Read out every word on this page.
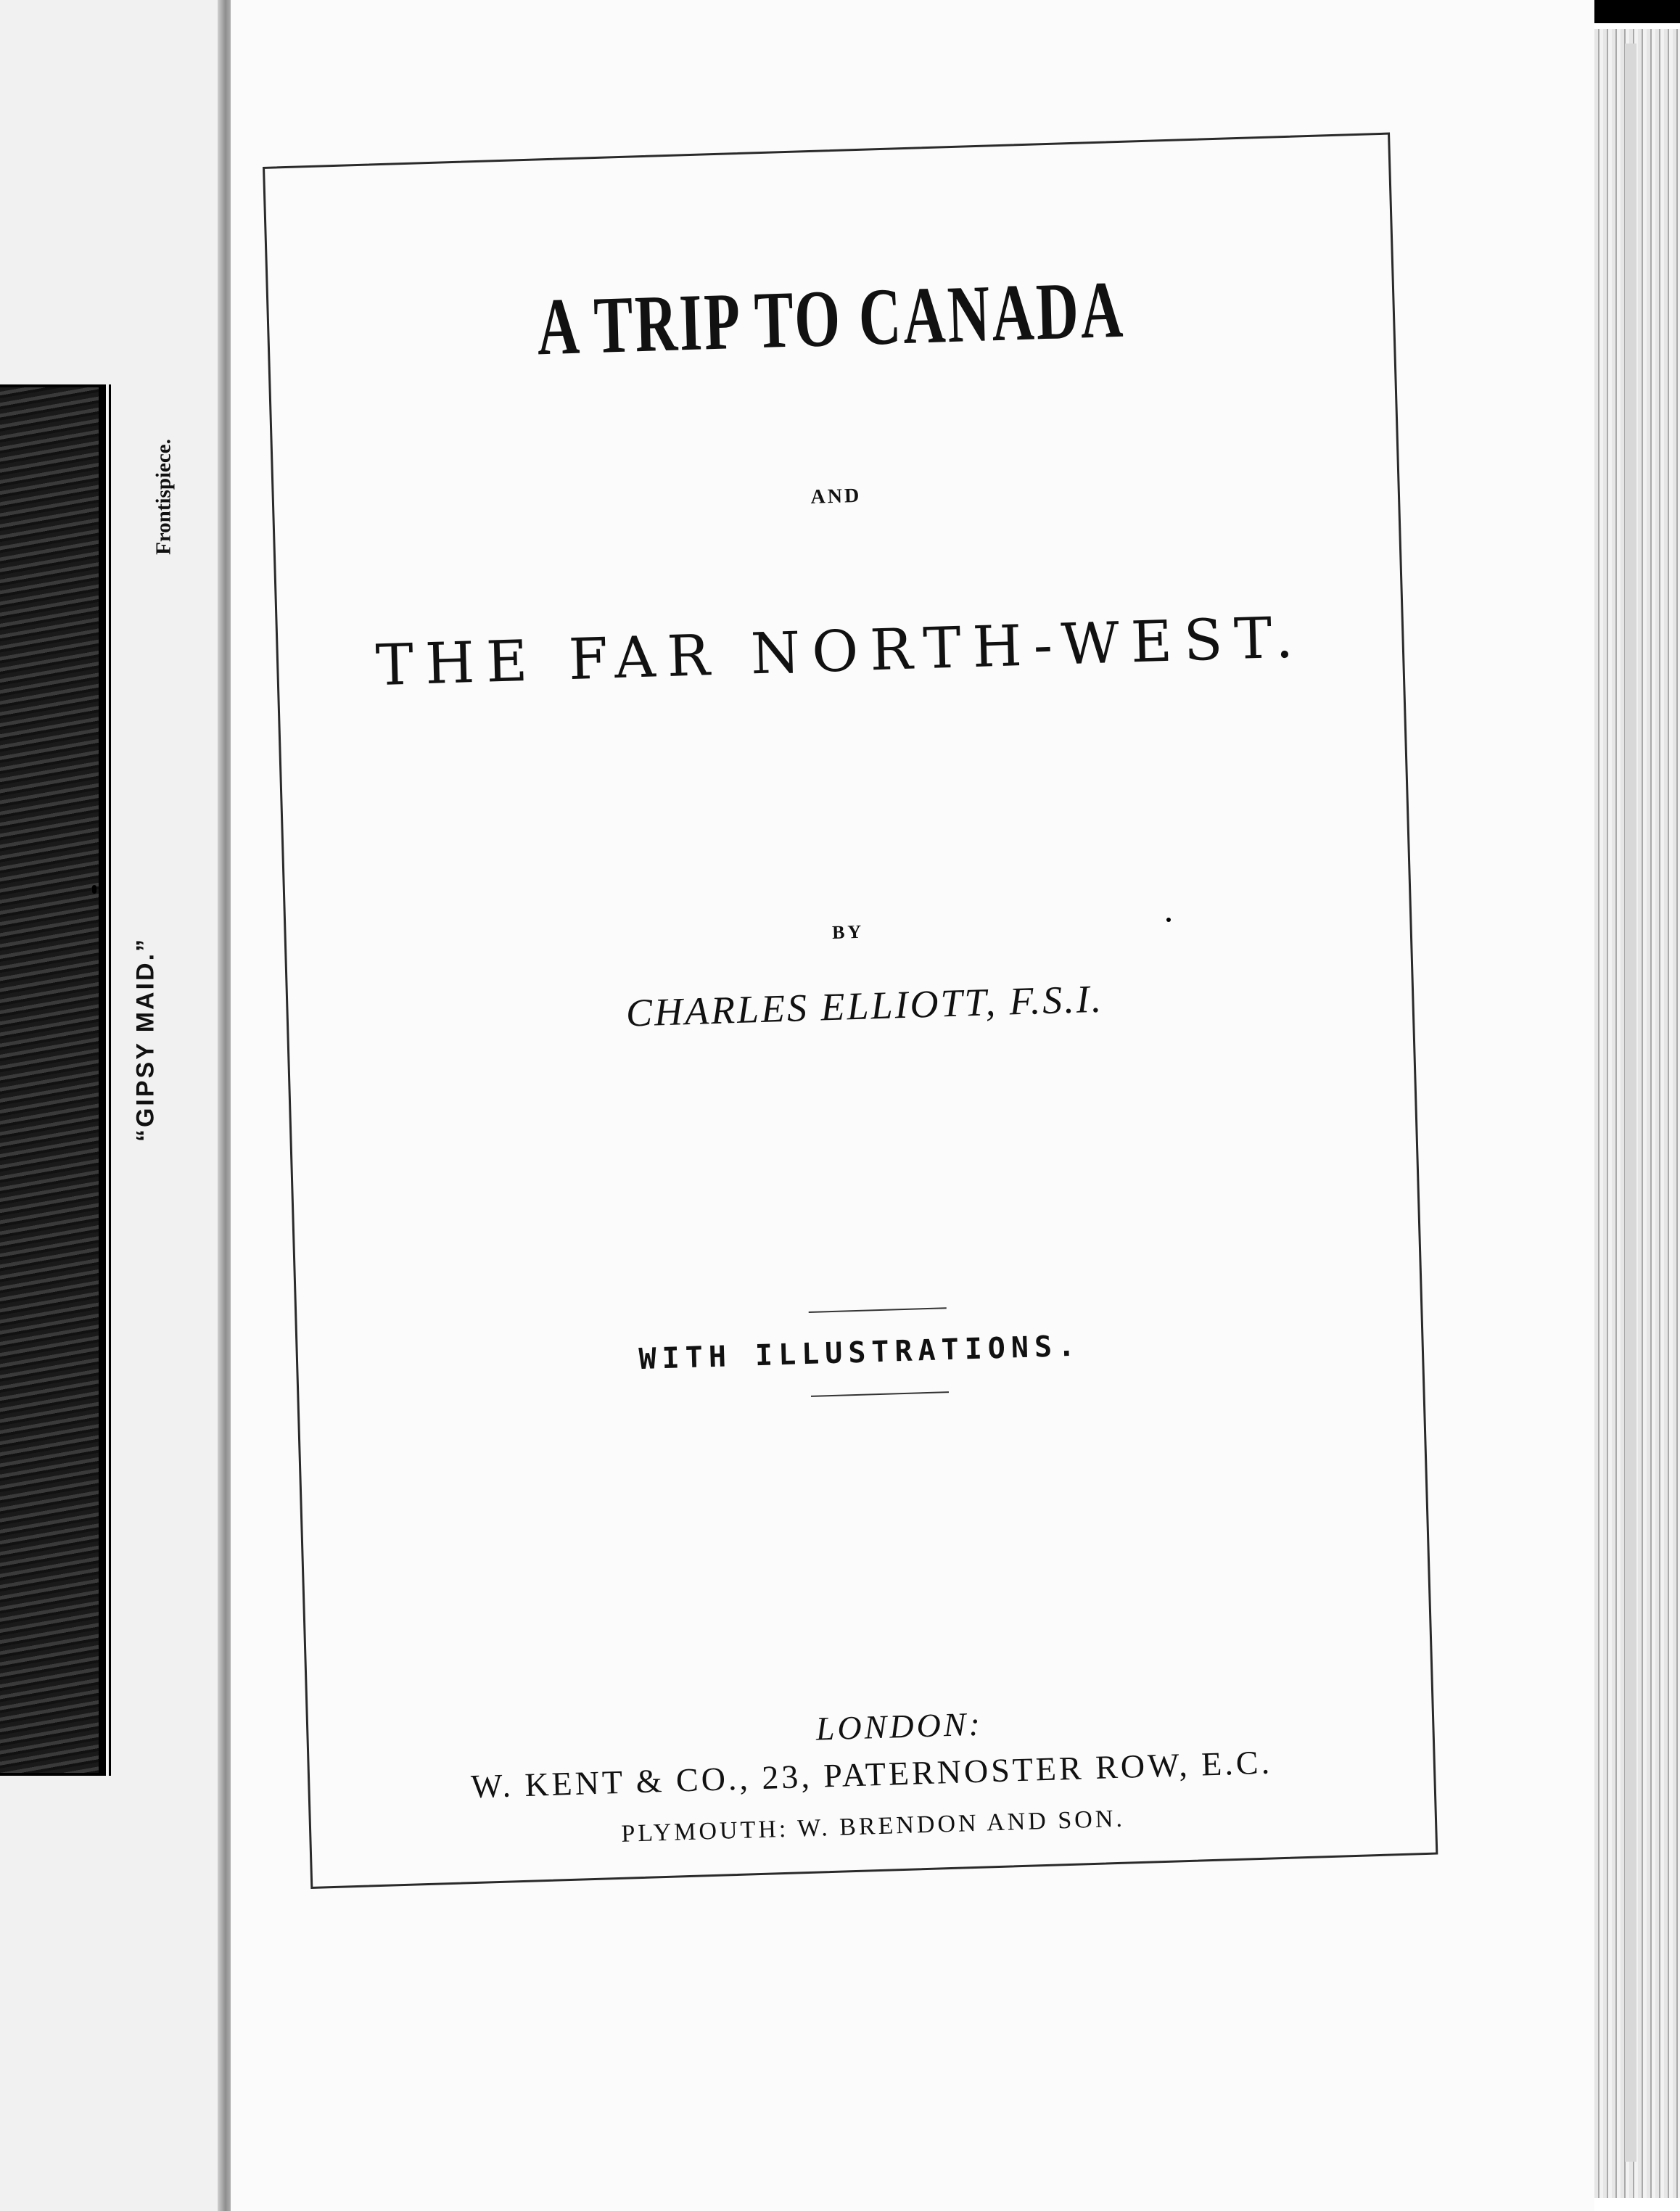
“GIPSY MAID.”
Frontispiece.
A TRIP TO CANADA
AND
THE FAR NORTH-WEST.
BY
CHARLES ELLIOTT, F.S.I.
WITH ILLUSTRATIONS.
LONDON:
W. KENT & CO., 23, PATERNOSTER ROW, E.C.
PLYMOUTH: W. BRENDON AND SON.
